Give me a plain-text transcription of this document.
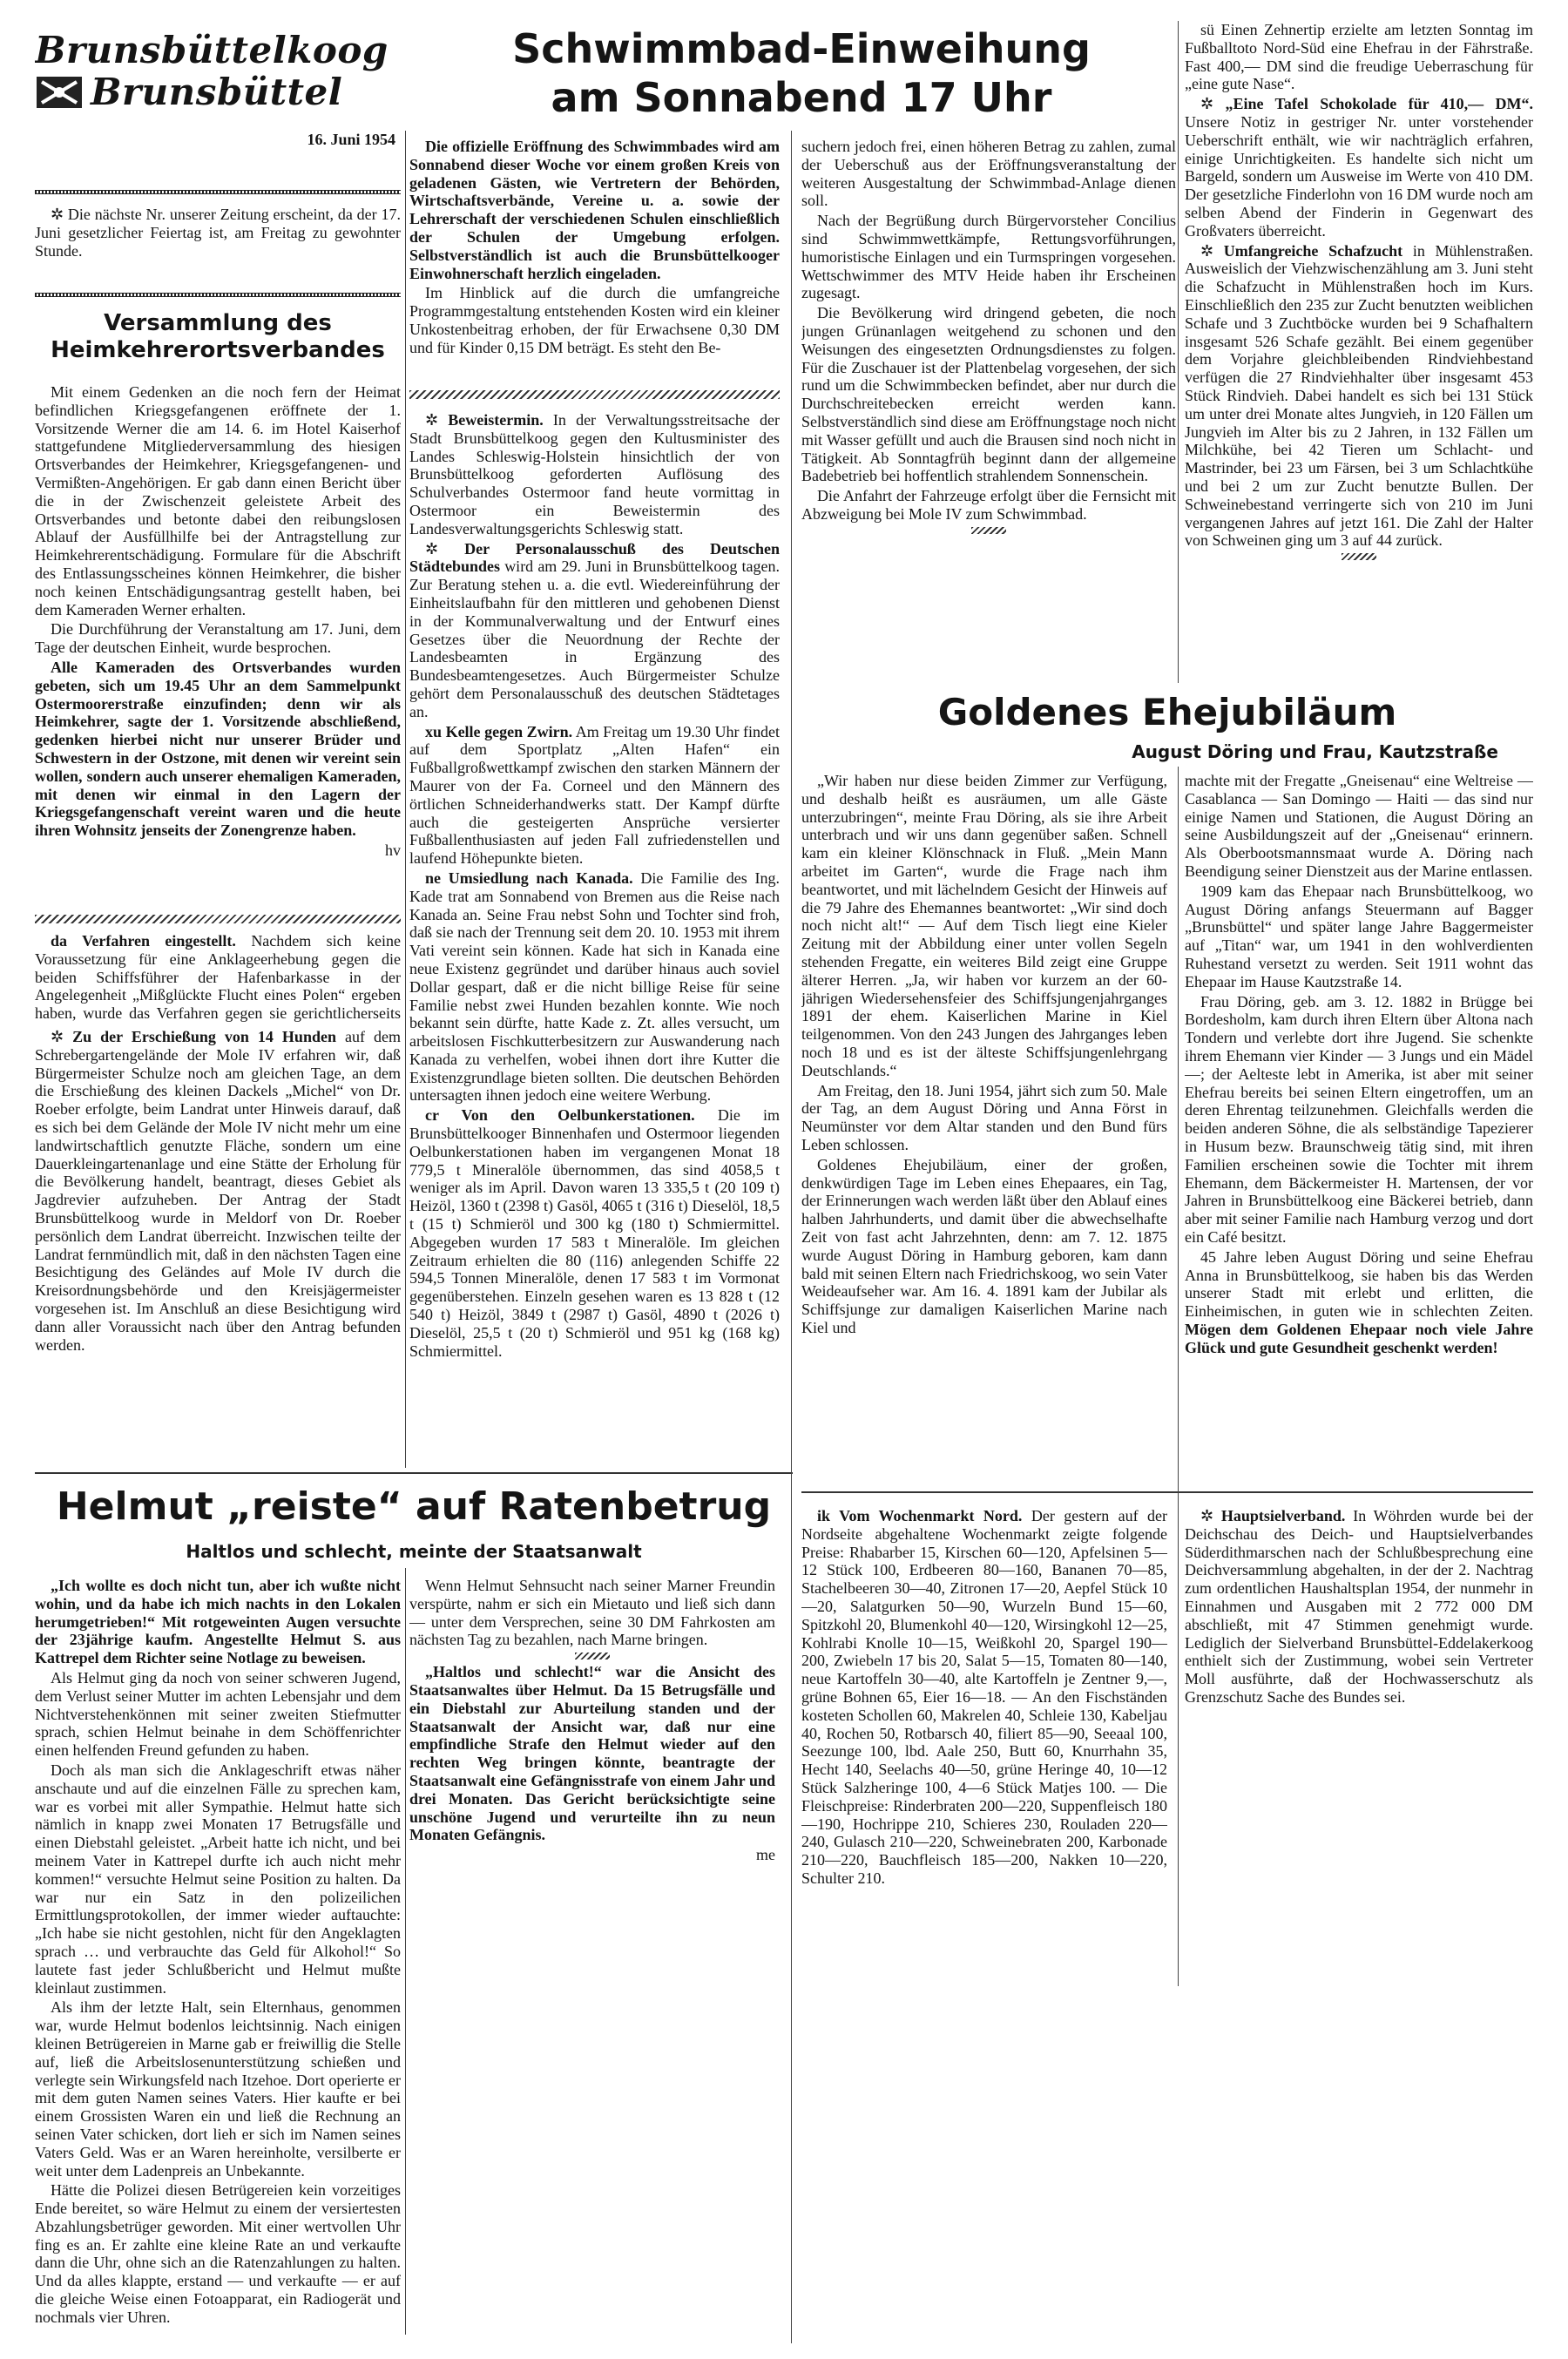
Brunsbüttelkoog
Brunsbüttel
16. Juni 1954

✲ Die nächste Nr. unserer Zeitung erscheint, da der 17. Juni gesetzlicher Feiertag ist, am Freitag zu gewohnter Stunde.

Versammlung des Heimkehrerortsverbandes

Mit einem Gedenken an die noch fern der Heimat befindlichen Kriegsgefangenen eröffnete der 1. Vorsitzende Werner die am 14. 6. im Hotel Kaiserhof stattgefundene Mitgliederversammlung des hiesigen Ortsverbandes der Heimkehrer, Kriegsgefangenen- und Vermißten-Angehörigen. Er gab dann einen Bericht über die in der Zwischenzeit geleistete Arbeit des Ortsverbandes und betonte dabei den reibungslosen Ablauf der Ausfüllhilfe bei der Antragstellung zur Heimkehrerentschädigung. Formulare für die Abschrift des Entlassungsscheines können Heimkehrer, die bisher noch keinen Entschädigungsantrag gestellt haben, bei dem Kameraden Werner erhalten.

Die Durchführung der Veranstaltung am 17. Juni, dem Tage der deutschen Einheit, wurde besprochen.

Alle Kameraden des Ortsverbandes wurden gebeten, sich um 19.45 Uhr an dem Sammelpunkt Ostermoorerstraße einzufinden; denn wir als Heimkehrer, sagte der 1. Vorsitzende abschließend, gedenken hierbei nicht nur unserer Brüder und Schwestern in der Ostzone, mit denen wir vereint sein wollen, sondern auch unserer ehemaligen Kameraden, mit denen wir einmal in den Lagern der Kriegsgefangenschaft vereint waren und die heute ihren Wohnsitz jenseits der Zonengrenze haben.

hv

da Verfahren eingestellt. Nachdem sich keine Voraussetzung für eine Anklageerhebung gegen die beiden Schiffsführer der Hafenbarkasse in der Angelegenheit „Mißglückte Flucht eines Polen“ ergeben haben, wurde das Verfahren gegen sie gerichtlicherseits

✲ Zu der Erschießung von 14 Hunden auf dem Schrebergartengelände der Mole IV erfahren wir, daß Bürgermeister Schulze noch am gleichen Tage, an dem die Erschießung des kleinen Dackels „Michel“ von Dr. Roeber erfolgte, beim Landrat unter Hinweis darauf, daß es sich bei dem Gelände der Mole IV nicht mehr um eine landwirtschaftlich genutzte Fläche, sondern um eine Dauerkleingartenanlage und eine Stätte der Erholung für die Bevölkerung handelt, beantragt, dieses Gebiet als Jagdrevier aufzuheben. Der Antrag der Stadt Brunsbüttelkoog wurde in Meldorf von Dr. Roeber persönlich dem Landrat überreicht. Inzwischen teilte der Landrat fernmündlich mit, daß in den nächsten Tagen eine Besichtigung des Geländes auf Mole IV durch die Kreisordnungsbehörde und den Kreisjägermeister vorgesehen ist. Im Anschluß an diese Besichtigung wird dann aller Voraussicht nach über den Antrag befunden werden.

Schwimmbad-Einweihung
am Sonnabend 17 Uhr

Die offizielle Eröffnung des Schwimmbades wird am Sonnabend dieser Woche vor einem großen Kreis von geladenen Gästen, wie Vertretern der Behörden, Wirtschaftsverbände, Vereine u. a. sowie der Lehrerschaft der verschiedenen Schulen einschließlich der Schulen der Umgebung erfolgen. Selbstverständlich ist auch die Brunsbüttelkooger Einwohnerschaft herzlich eingeladen.

Im Hinblick auf die durch die umfangreiche Programmgestaltung entstehenden Kosten wird ein kleiner Unkostenbeitrag erhoben, der für Erwachsene 0,30 DM und für Kinder 0,15 DM beträgt. Es steht den Be-

suchern jedoch frei, einen höheren Betrag zu zahlen, zumal der Ueberschuß aus der Eröffnungsveranstaltung der weiteren Ausgestaltung der Schwimmbad-Anlage dienen soll.

Nach der Begrüßung durch Bürgervorsteher Concilius sind Schwimmwettkämpfe, Rettungsvorführungen, humoristische Einlagen und ein Turmspringen vorgesehen. Wettschwimmer des MTV Heide haben ihr Erscheinen zugesagt.

Die Bevölkerung wird dringend gebeten, die noch jungen Grünanlagen weitgehend zu schonen und den Weisungen des eingesetzten Ordnungsdienstes zu folgen. Für die Zuschauer ist der Plattenbelag vorgesehen, der sich rund um die Schwimmbecken befindet, aber nur durch die Durchschreitebecken erreicht werden kann. Selbstverständlich sind diese am Eröffnungstage noch nicht mit Wasser gefüllt und auch die Brausen sind noch nicht in Tätigkeit. Ab Sonntagfrüh beginnt dann der allgemeine Badebetrieb bei hoffentlich strahlendem Sonnenschein.

Die Anfahrt der Fahrzeuge erfolgt über die Fernsicht mit Abzweigung bei Mole IV zum Schwimmbad.

✲ Beweistermin. In der Verwaltungsstreitsache der Stadt Brunsbüttelkoog gegen den Kultusminister des Landes Schleswig-Holstein hinsichtlich der von Brunsbüttelkoog geforderten Auflösung des Schulverbandes Ostermoor fand heute vormittag in Ostermoor ein Beweistermin des Landesverwaltungsgerichts Schleswig statt.

✲ Der Personalausschuß des Deutschen Städtebundes wird am 29. Juni in Brunsbüttelkoog tagen. Zur Beratung stehen u. a. die evtl. Wiedereinführung der Einheitslaufbahn für den mittleren und gehobenen Dienst in der Kommunalverwaltung und der Entwurf eines Gesetzes über die Neuordnung der Rechte der Landesbeamten in Ergänzung des Bundesbeamtengesetzes. Auch Bürgermeister Schulze gehört dem Personalausschuß des deutschen Städtetages an.

xu Kelle gegen Zwirn. Am Freitag um 19.30 Uhr findet auf dem Sportplatz „Alten Hafen“ ein Fußballgroßwettkampf zwischen den starken Männern der Maurer von der Fa. Corneel und den Männern des örtlichen Schneiderhandwerks statt. Der Kampf dürfte auch die gesteigerten Ansprüche versierter Fußballenthusiasten auf jeden Fall zufriedenstellen und laufend Höhepunkte bieten.

ne Umsiedlung nach Kanada. Die Familie des Ing. Kade trat am Sonnabend von Bremen aus die Reise nach Kanada an. Seine Frau nebst Sohn und Tochter sind froh, daß sie nach der Trennung seit dem 20. 10. 1953 mit ihrem Vati vereint sein können. Kade hat sich in Kanada eine neue Existenz gegründet und darüber hinaus auch soviel Dollar gespart, daß er die nicht billige Reise für seine Familie nebst zwei Hunden bezahlen konnte. Wie noch bekannt sein dürfte, hatte Kade z. Zt. alles versucht, um arbeitslosen Fischkutterbesitzern zur Auswanderung nach Kanada zu verhelfen, wobei ihnen dort ihre Kutter die Existenzgrundlage bieten sollten. Die deutschen Behörden untersagten ihnen jedoch eine weitere Werbung.

cr Von den Oelbunkerstationen. Die im Brunsbüttelkooger Binnenhafen und Ostermoor liegenden Oelbunkerstationen haben im vergangenen Monat 18 779,5 t Mineralöle übernommen, das sind 4058,5 t weniger als im April. Davon waren 13 335,5 t (20 109 t) Heizöl, 1360 t (2398 t) Gasöl, 4065 t (316 t) Dieselöl, 18,5 t (15 t) Schmieröl und 300 kg (180 t) Schmiermittel. Abgegeben wurden 17 583 t Mineralöle. Im gleichen Zeitraum erhielten die 80 (116) anlegenden Schiffe 22 594,5 Tonnen Mineralöle, denen 17 583 t im Vormonat gegenüberstehen. Einzeln gesehen waren es 13 828 t (12 540 t) Heizöl, 3849 t (2987 t) Gasöl, 4890 t (2026 t) Dieselöl, 25,5 t (20 t) Schmieröl und 951 kg (168 kg) Schmiermittel.

sü Einen Zehnertip erzielte am letzten Sonntag im Fußballtoto Nord-Süd eine Ehefrau in der Fährstraße. Fast 400,— DM sind die freudige Ueberraschung für „eine gute Nase“.

✲ „Eine Tafel Schokolade für 410,— DM“. Unsere Notiz in gestriger Nr. unter vorstehender Ueberschrift enthält, wie wir nachträglich erfahren, einige Unrichtigkeiten. Es handelte sich nicht um Bargeld, sondern um Ausweise im Werte von 410 DM. Der gesetzliche Finderlohn von 16 DM wurde noch am selben Abend der Finderin in Gegenwart des Großvaters überreicht.

✲ Umfangreiche Schafzucht in Mühlenstraßen. Ausweislich der Viehzwischenzählung am 3. Juni steht die Schafzucht in Mühlenstraßen hoch im Kurs. Einschließlich den 235 zur Zucht benutzten weiblichen Schafe und 3 Zuchtböcke wurden bei 9 Schafhaltern insgesamt 526 Schafe gezählt. Bei einem gegenüber dem Vorjahre gleichbleibenden Rindviehbestand verfügen die 27 Rindviehhalter über insgesamt 453 Stück Rindvieh. Dabei handelt es sich bei 131 Stück um unter drei Monate altes Jungvieh, in 120 Fällen um Jungvieh im Alter bis zu 2 Jahren, in 132 Fällen um Milchkühe, bei 42 Tieren um Schlacht- und Mastrinder, bei 23 um Färsen, bei 3 um Schlachtkühe und bei 2 um zur Zucht benutzte Bullen. Der Schweinebestand verringerte sich von 210 im Juni vergangenen Jahres auf jetzt 161. Die Zahl der Halter von Schweinen ging um 3 auf 44 zurück.

Goldenes Ehejubiläum
August Döring und Frau, Kautzstraße

„Wir haben nur diese beiden Zimmer zur Verfügung, und deshalb heißt es ausräumen, um alle Gäste unterzubringen“, meinte Frau Döring, als sie ihre Arbeit unterbrach und wir uns dann gegenüber saßen. Schnell kam ein kleiner Klönschnack in Fluß. „Mein Mann arbeitet im Garten“, wurde die Frage nach ihm beantwortet, und mit lächelndem Gesicht der Hinweis auf die 79 Jahre des Ehemannes beantwortet: „Wir sind doch noch nicht alt!“ — Auf dem Tisch liegt eine Kieler Zeitung mit der Abbildung einer unter vollen Segeln stehenden Fregatte, ein weiteres Bild zeigt eine Gruppe älterer Herren. „Ja, wir haben vor kurzem an der 60-jährigen Wiedersehensfeier des Schiffsjungenjahrganges 1891 der ehem. Kaiserlichen Marine in Kiel teilgenommen. Von den 243 Jungen des Jahrganges leben noch 18 und es ist der älteste Schiffsjungenlehrgang Deutschlands.“

Am Freitag, den 18. Juni 1954, jährt sich zum 50. Male der Tag, an dem August Döring und Anna Först in Neumünster vor dem Altar standen und den Bund fürs Leben schlossen.

Goldenes Ehejubiläum, einer der großen, denkwürdigen Tage im Leben eines Ehepaares, ein Tag, der Erinnerungen wach werden läßt über den Ablauf eines halben Jahrhunderts, und damit über die abwechselhafte Zeit von fast acht Jahrzehnten, denn: am 7. 12. 1875 wurde August Döring in Hamburg geboren, kam dann bald mit seinen Eltern nach Friedrichskoog, wo sein Vater Weideaufseher war. Am 16. 4. 1891 kam der Jubilar als Schiffsjunge zur damaligen Kaiserlichen Marine nach Kiel und

machte mit der Fregatte „Gneisenau“ eine Weltreise — Casablanca — San Domingo — Haiti — das sind nur einige Namen und Stationen, die August Döring an seine Ausbildungszeit auf der „Gneisenau“ erinnern. Als Oberbootsmannsmaat wurde A. Döring nach Beendigung seiner Dienstzeit aus der Marine entlassen.

1909 kam das Ehepaar nach Brunsbüttelkoog, wo August Döring anfangs Steuermann auf Bagger „Brunsbüttel“ und später lange Jahre Baggermeister auf „Titan“ war, um 1941 in den wohlverdienten Ruhestand versetzt zu werden. Seit 1911 wohnt das Ehepaar im Hause Kautzstraße 14.

Frau Döring, geb. am 3. 12. 1882 in Brügge bei Bordesholm, kam durch ihren Eltern über Altona nach Tondern und verlebte dort ihre Jugend. Sie schenkte ihrem Ehemann vier Kinder — 3 Jungs und ein Mädel —; der Aelteste lebt in Amerika, ist aber mit seiner Ehefrau bereits bei seinen Eltern eingetroffen, um an deren Ehrentag teilzunehmen. Gleichfalls werden die beiden anderen Söhne, die als selbständige Tapezierer in Husum bezw. Braunschweig tätig sind, mit ihren Familien erscheinen sowie die Tochter mit ihrem Ehemann, dem Bäckermeister H. Martensen, der vor Jahren in Brunsbüttelkoog eine Bäckerei betrieb, dann aber mit seiner Familie nach Hamburg verzog und dort ein Café besitzt.

45 Jahre leben August Döring und seine Ehefrau Anna in Brunsbüttelkoog, sie haben bis das Werden unserer Stadt mit erlebt und erlitten, die Einheimischen, in guten wie in schlechten Zeiten. Mögen dem Goldenen Ehepaar noch viele Jahre Glück und gute Gesundheit geschenkt werden!

Helmut „reiste“ auf Ratenbetrug
Haltlos und schlecht, meinte der Staatsanwalt

„Ich wollte es doch nicht tun, aber ich wußte nicht wohin, und da habe ich mich nachts in den Lokalen herumgetrieben!“ Mit rotgeweinten Augen versuchte der 23jährige kaufm. Angestellte Helmut S. aus Kattrepel dem Richter seine Notlage zu beweisen.

Als Helmut ging da noch von seiner schweren Jugend, dem Verlust seiner Mutter im achten Lebensjahr und dem Nichtverstehenkönnen mit seiner zweiten Stiefmutter sprach, schien Helmut beinahe in dem Schöffenrichter einen helfenden Freund gefunden zu haben.

Doch als man sich die Anklageschrift etwas näher anschaute und auf die einzelnen Fälle zu sprechen kam, war es vorbei mit aller Sympathie. Helmut hatte sich nämlich in knapp zwei Monaten 17 Betrugsfälle und einen Diebstahl geleistet. „Arbeit hatte ich nicht, und bei meinem Vater in Kattrepel durfte ich auch nicht mehr kommen!“ versuchte Helmut seine Position zu halten. Da war nur ein Satz in den polizeilichen Ermittlungsprotokollen, der immer wieder auftauchte: „Ich habe sie nicht gestohlen, nicht für den Angeklagten sprach … und verbrauchte das Geld für Alkohol!“ So lautete fast jeder Schlußbericht und Helmut mußte kleinlaut zustimmen.

Als ihm der letzte Halt, sein Elternhaus, genommen war, wurde Helmut bodenlos leichtsinnig. Nach einigen kleinen Betrügereien in Marne gab er freiwillig die Stelle auf, ließ die Arbeitslosenunterstützung schießen und verlegte sein Wirkungsfeld nach Itzehoe. Dort operierte er mit dem guten Namen seines Vaters. Hier kaufte er bei einem Grossisten Waren ein und ließ die Rechnung an seinen Vater schicken, dort lieh er sich im Namen seines Vaters Geld. Was er an Waren hereinholte, versilberte er weit unter dem Ladenpreis an Unbekannte.

Hätte die Polizei diesen Betrügereien kein vorzeitiges Ende bereitet, so wäre Helmut zu einem der versiertesten Abzahlungsbetrüger geworden. Mit einer wertvollen Uhr fing es an. Er zahlte eine kleine Rate an und verkaufte dann die Uhr, ohne sich an die Ratenzahlungen zu halten. Und da alles klappte, erstand — und verkaufte — er auf die gleiche Weise einen Fotoapparat, ein Radiogerät und nochmals vier Uhren.

Wenn Helmut Sehnsucht nach seiner Marner Freundin verspürte, nahm er sich ein Mietauto und ließ sich dann — unter dem Versprechen, seine 30 DM Fahrkosten am nächsten Tag zu bezahlen, nach Marne bringen.

„Haltlos und schlecht!“ war die Ansicht des Staatsanwaltes über Helmut. Da 15 Betrugsfälle und ein Diebstahl zur Aburteilung standen und der Staatsanwalt der Ansicht war, daß nur eine empfindliche Strafe den Helmut wieder auf den rechten Weg bringen könnte, beantragte der Staatsanwalt eine Gefängnisstrafe von einem Jahr und drei Monaten. Das Gericht berücksichtigte seine unschöne Jugend und verurteilte ihn zu neun Monaten Gefängnis.

me

ik Vom Wochenmarkt Nord. Der gestern auf der Nordseite abgehaltene Wochenmarkt zeigte folgende Preise: Rhabarber 15, Kirschen 60—120, Apfelsinen 5—12 Stück 100, Erdbeeren 80—160, Bananen 70—85, Stachelbeeren 30—40, Zitronen 17—20, Aepfel Stück 10—20, Salatgurken 50—90, Wurzeln Bund 15—60, Spitzkohl 20, Blumenkohl 40—120, Wirsingkohl 12—25, Kohlrabi Knolle 10—15, Weißkohl 20, Spargel 190—200, Zwiebeln 17 bis 20, Salat 5—15, Tomaten 80—140, neue Kartoffeln 30—40, alte Kartoffeln je Zentner 9,—, grüne Bohnen 65, Eier 16—18. — An den Fischständen kosteten Schollen 60, Makrelen 40, Schleie 130, Kabeljau 40, Rochen 50, Rotbarsch 40, filiert 85—90, Seeaal 100, Seezunge 100, lbd. Aale 250, Butt 60, Knurrhahn 35, Hecht 140, Seelachs 40—50, grüne Heringe 40, 10—12 Stück Salzheringe 100, 4—6 Stück Matjes 100. — Die Fleischpreise: Rinderbraten 200—220, Suppenfleisch 180—190, Hochrippe 210, Schieres 230, Rouladen 220—240, Gulasch 210—220, Schweinebraten 200, Karbonade 210—220, Bauchfleisch 185—200, Nakken 10—220, Schulter 210.

✲ Hauptsielverband. In Wöhrden wurde bei der Deichschau des Deich- und Hauptsielverbandes Süderdithmarschen nach der Schlußbesprechung eine Deichversammlung abgehalten, in der der 2. Nachtrag zum ordentlichen Haushaltsplan 1954, der nunmehr in Einnahmen und Ausgaben mit 2 772 000 DM abschließt, mit 47 Stimmen genehmigt wurde. Lediglich der Sielverband Brunsbüttel-Eddelakerkoog enthielt sich der Zustimmung, wobei sein Vertreter Moll ausführte, daß der Hochwasserschutz als Grenzschutz Sache des Bundes sei.
